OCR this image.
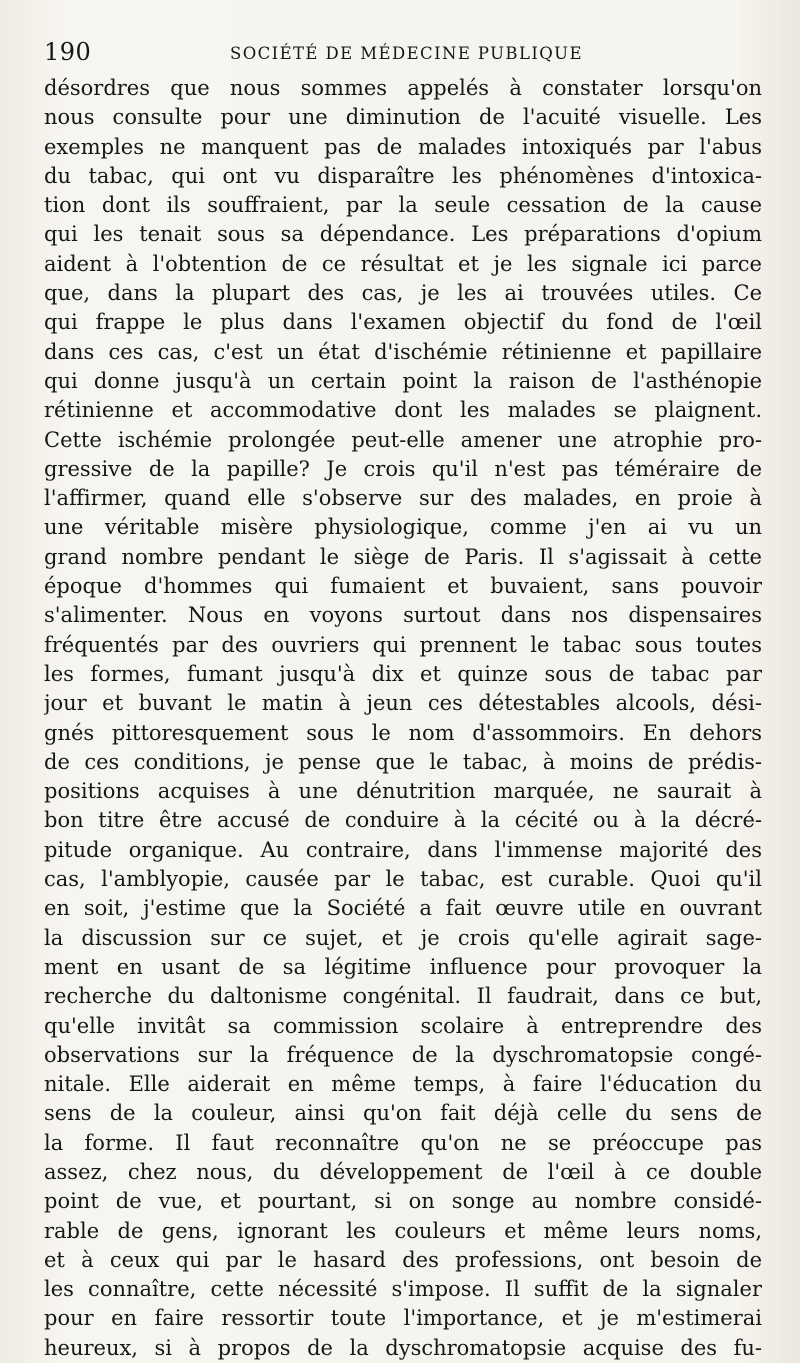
190	SOCIÉTÉ DE MÉDECINE PUBLIQUE
désordres que nous sommes appelés à constater lorsqu'on
nous consulte pour une diminution de l'acuité visuelle. Les
exemples ne manquent pas de malades intoxiqués par l'abus
du tabac, qui ont vu disparaître les phénomènes d'intoxica-
tion dont ils souffraient, par la seule cessation de la cause
qui les tenait sous sa dépendance. Les préparations d'opium
aident à l'obtention de ce résultat et je les signale ici parce
que, dans la plupart des cas, je les ai trouvées utiles. Ce
qui frappe le plus dans l'examen objectif du fond de l'œil
dans ces cas, c'est un état d'ischémie rétinienne et papillaire
qui donne jusqu'à un certain point la raison de l'asthénopie
rétinienne et accommodative dont les malades se plaignent.
Cette ischémie prolongée peut-elle amener une atrophie pro-
gressive de la papille? Je crois qu'il n'est pas téméraire de
l'affirmer, quand elle s'observe sur des malades, en proie à
une véritable misère physiologique, comme j'en ai vu un
grand nombre pendant le siège de Paris. Il s'agissait à cette
époque d'hommes qui fumaient et buvaient, sans pouvoir
s'alimenter. Nous en voyons surtout dans nos dispensaires
fréquentés par des ouvriers qui prennent le tabac sous toutes
les formes, fumant jusqu'à dix et quinze sous de tabac par
jour et buvant le matin à jeun ces détestables alcools, dési-
gnés pittoresquement sous le nom d'assommoirs. En dehors
de ces conditions, je pense que le tabac, à moins de prédis-
positions acquises à une dénutrition marquée, ne saurait à
bon titre être accusé de conduire à la cécité ou à la décré-
pitude organique. Au contraire, dans l'immense majorité des
cas, l'amblyopie, causée par le tabac, est curable. Quoi qu'il
en soit, j'estime que la Société a fait œuvre utile en ouvrant
la discussion sur ce sujet, et je crois qu'elle agirait sage-
ment en usant de sa légitime influence pour provoquer la
recherche du daltonisme congénital. Il faudrait, dans ce but,
qu'elle invitât sa commission scolaire à entreprendre des
observations sur la fréquence de la dyschromatopsie congé-
nitale. Elle aiderait en même temps, à faire l'éducation du
sens de la couleur, ainsi qu'on fait déjà celle du sens de
la forme. Il faut reconnaître qu'on ne se préoccupe pas
assez, chez nous, du développement de l'œil à ce double
point de vue, et pourtant, si on songe au nombre considé-
rable de gens, ignorant les couleurs et même leurs noms,
et à ceux qui par le hasard des professions, ont besoin de
les connaître, cette nécessité s'impose. Il suffit de la signaler
pour en faire ressortir toute l'importance, et je m'estimerai
heureux, si à propos de la dyschromatopsie acquise des fu-
